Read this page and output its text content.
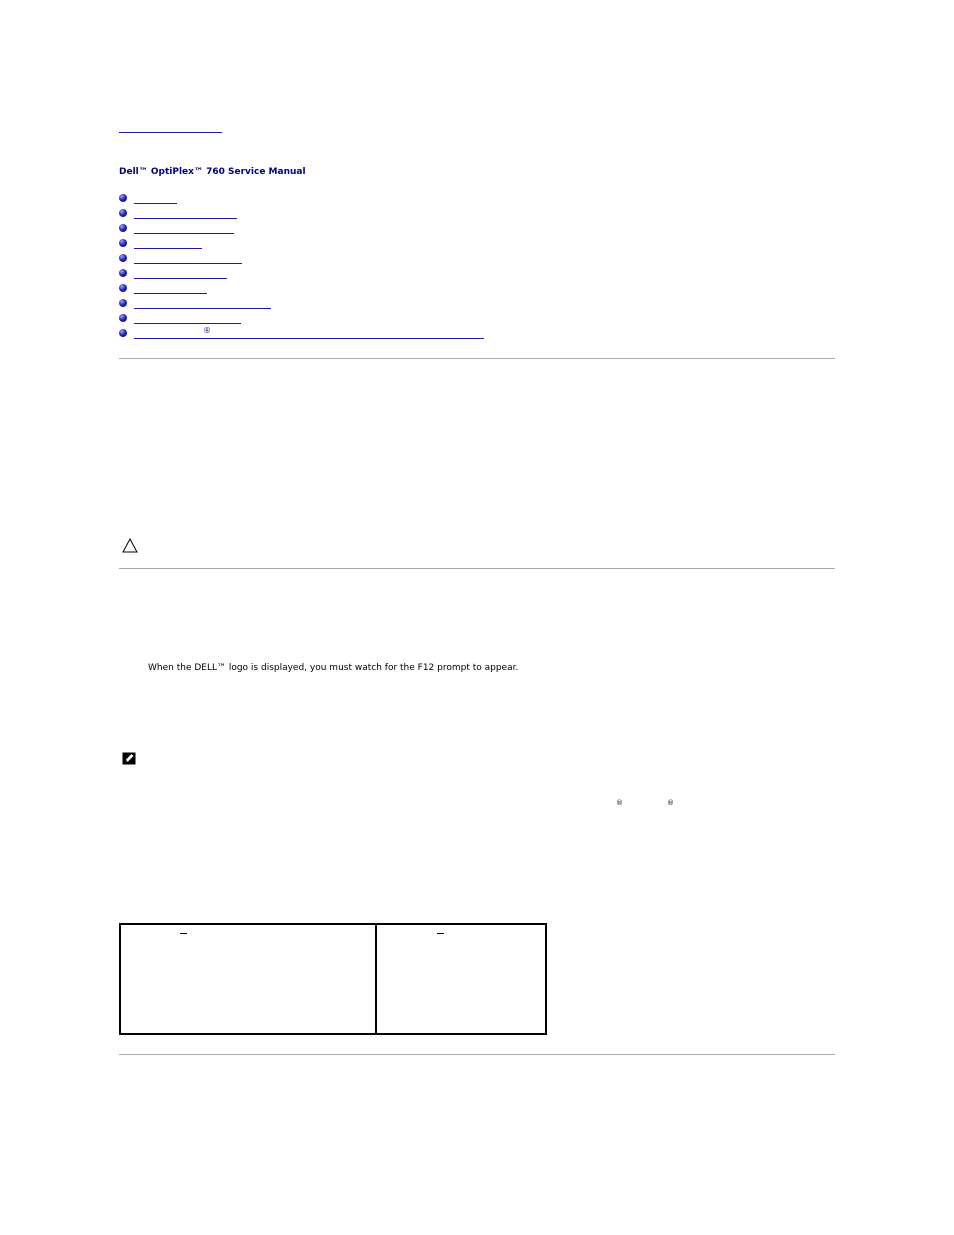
Dell™ OptiPlex™ 760 Service Manual
®
When the DELL™ logo is displayed, you must watch for the F12 prompt to appear.
®	®
